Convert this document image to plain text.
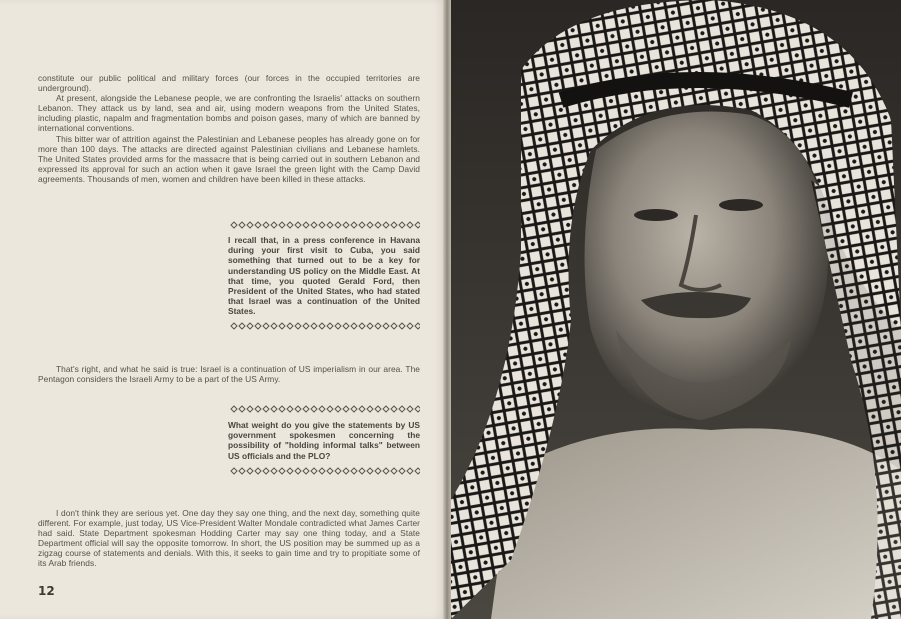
constitute our public political and military forces (our forces in the occupied territories are underground).

At present, alongside the Lebanese people, we are confronting the Israelis' attacks on southern Lebanon. They attack us by land, sea and air, using modern weapons from the United States, including plastic, napalm and fragmentation bombs and poison gases, many of which are banned by international conventions.

This bitter war of attrition against the Palestinian and Lebanese peoples has already gone on for more than 100 days. The attacks are directed against Palestinian civilians and Lebanese hamlets. The United States provided arms for the massacre that is being carried out in southern Lebanon and expressed its approval for such an action when it gave Israel the green light with the Camp David agreements. Thousands of men, women and children have been killed in these attacks.

I recall that, in a press conference in Havana during your first visit to Cuba, you said something that turned out to be a key for understanding US policy on the Middle East. At that time, you quoted Gerald Ford, then President of the United States, who had stated that Israel was a continuation of the United States.

That's right, and what he said is true: Israel is a continuation of US imperialism in our area. The Pentagon considers the Israeli Army to be a part of the US Army.

What weight do you give the statements by US government spokesmen concerning the possibility of "holding informal talks" between US officials and the PLO?

I don't think they are serious yet. One day they say one thing, and the next day, something quite different. For example, just today, US Vice-President Walter Mondale contradicted what James Carter had said. State Department spokesman Hodding Carter may say one thing today, and a State Department official will say the opposite tomorrow. In short, the US position may be summed up as a zigzag course of statements and denials. With this, it seeks to gain time and try to propitiate some of its Arab friends.

12
